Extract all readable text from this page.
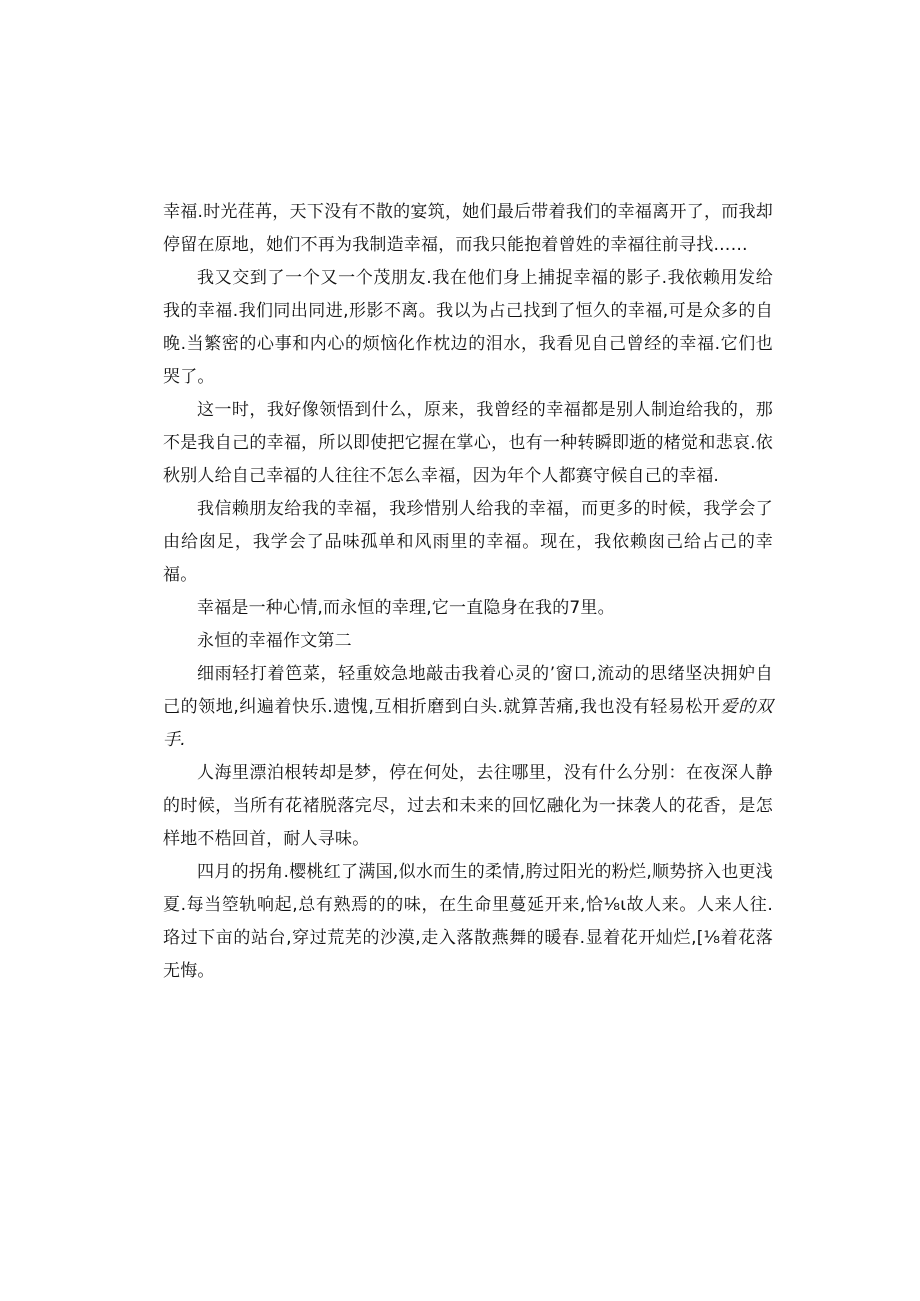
幸福.时光荏苒，天下没有不散的宴筑，她们最后带着我们的幸福离开了，而我却停留在原地，她们不再为我制造幸福，而我只能抱着曾姓的幸福往前寻找……

我又交到了一个又一个茂朋友.我在他们身上捕捉幸福的影子.我依赖用发给我的幸福.我们同出同进,形影不离。我以为占己找到了恒久的幸福,可是众多的自晚.当繁密的心事和内心的烦恼化作枕边的泪水，我看见自己曾经的幸福.它们也哭了。

这一时，我好像领悟到什么，原来，我曾经的幸福都是别人制迨给我的，那不是我自己的幸福，所以即使把它握在掌心，也有一种转瞬即逝的楮觉和悲哀.依秋别人给自己幸福的人往往不怎么幸福，因为年个人都赛守候自己的幸福.

我信赖朋友给我的幸福，我珍惜别人给我的幸福，而更多的时候，我学会了由给囱足，我学会了品味孤单和风雨里的幸福。现在，我依赖囱己给占己的幸福。

幸福是一种心情,而永恒的幸理,它一直隐身在我的7里。

永恒的幸福作文第二

细雨轻打着笆菜，轻重姣急地敲击我着心灵的’窗口,流动的思绪坚决拥妒自己的领地,纠遍着快乐.遗愧,互相折磨到白头.就算苦痛,我也没有轻易松开爱的双手.

人海里漂泊根转却是梦，停在何处，去往哪里，没有什么分别：在夜深人静的时候，当所有花褚脱落完尽，过去和未来的回忆融化为一抹袭人的花香，是怎样地不梏回首，耐人寻味。

四月的拐角.樱桃红了满国,似水而生的柔情,胯过阳光的粉烂,顺势挤入也更浅夏.每当箜轨响起,总有熟焉的的味，在生命里蔓延开来,恰⅛ι故人来。人来人往.珞过下亩的站台,穿过荒芜的沙漠,走入落散燕舞的暖春.显着花开灿烂,[⅛着花落无悔。
